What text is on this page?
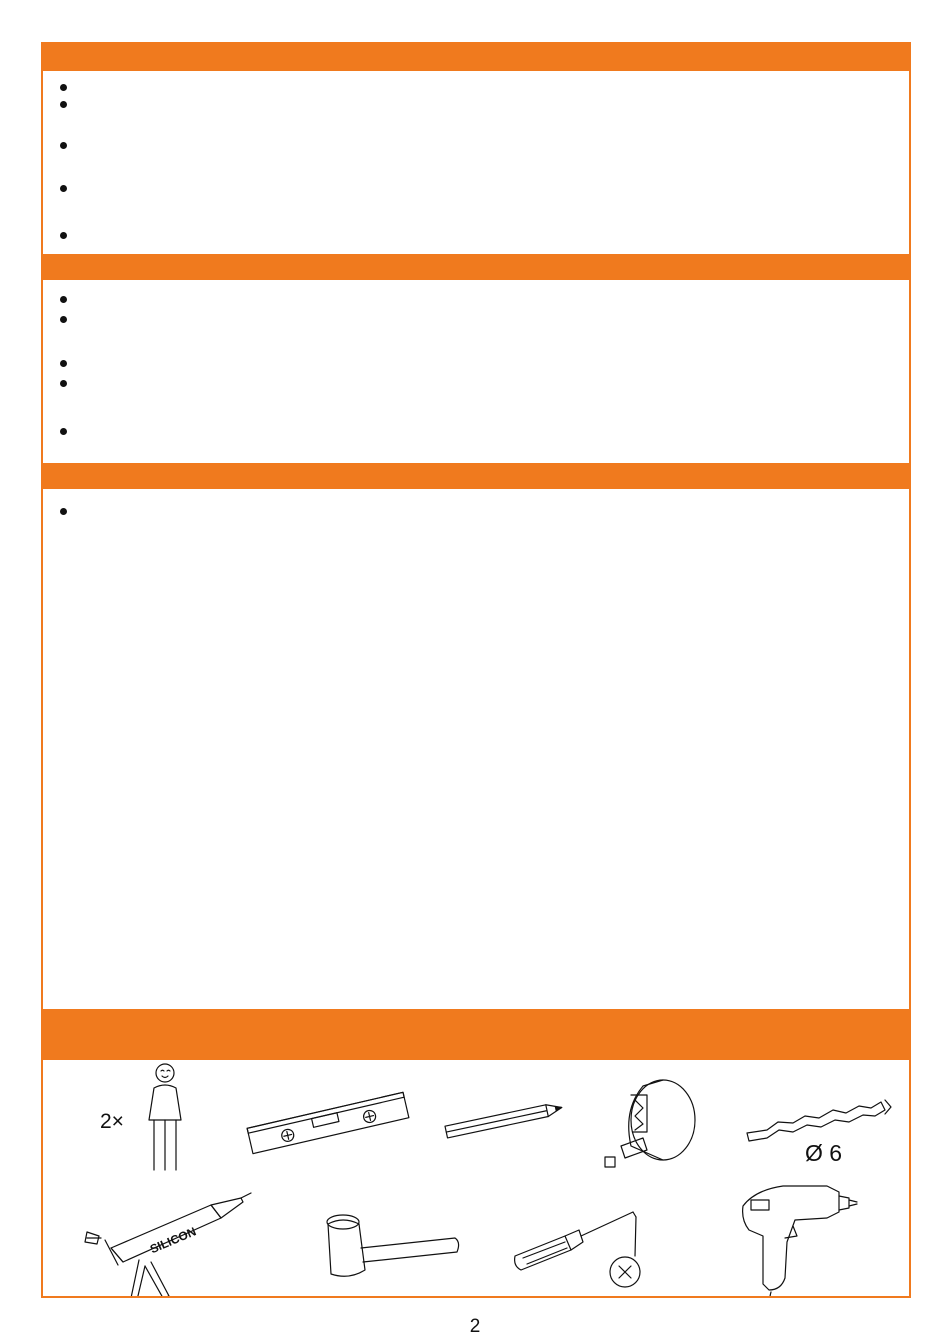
2×
Ø 6
SILICON
2
